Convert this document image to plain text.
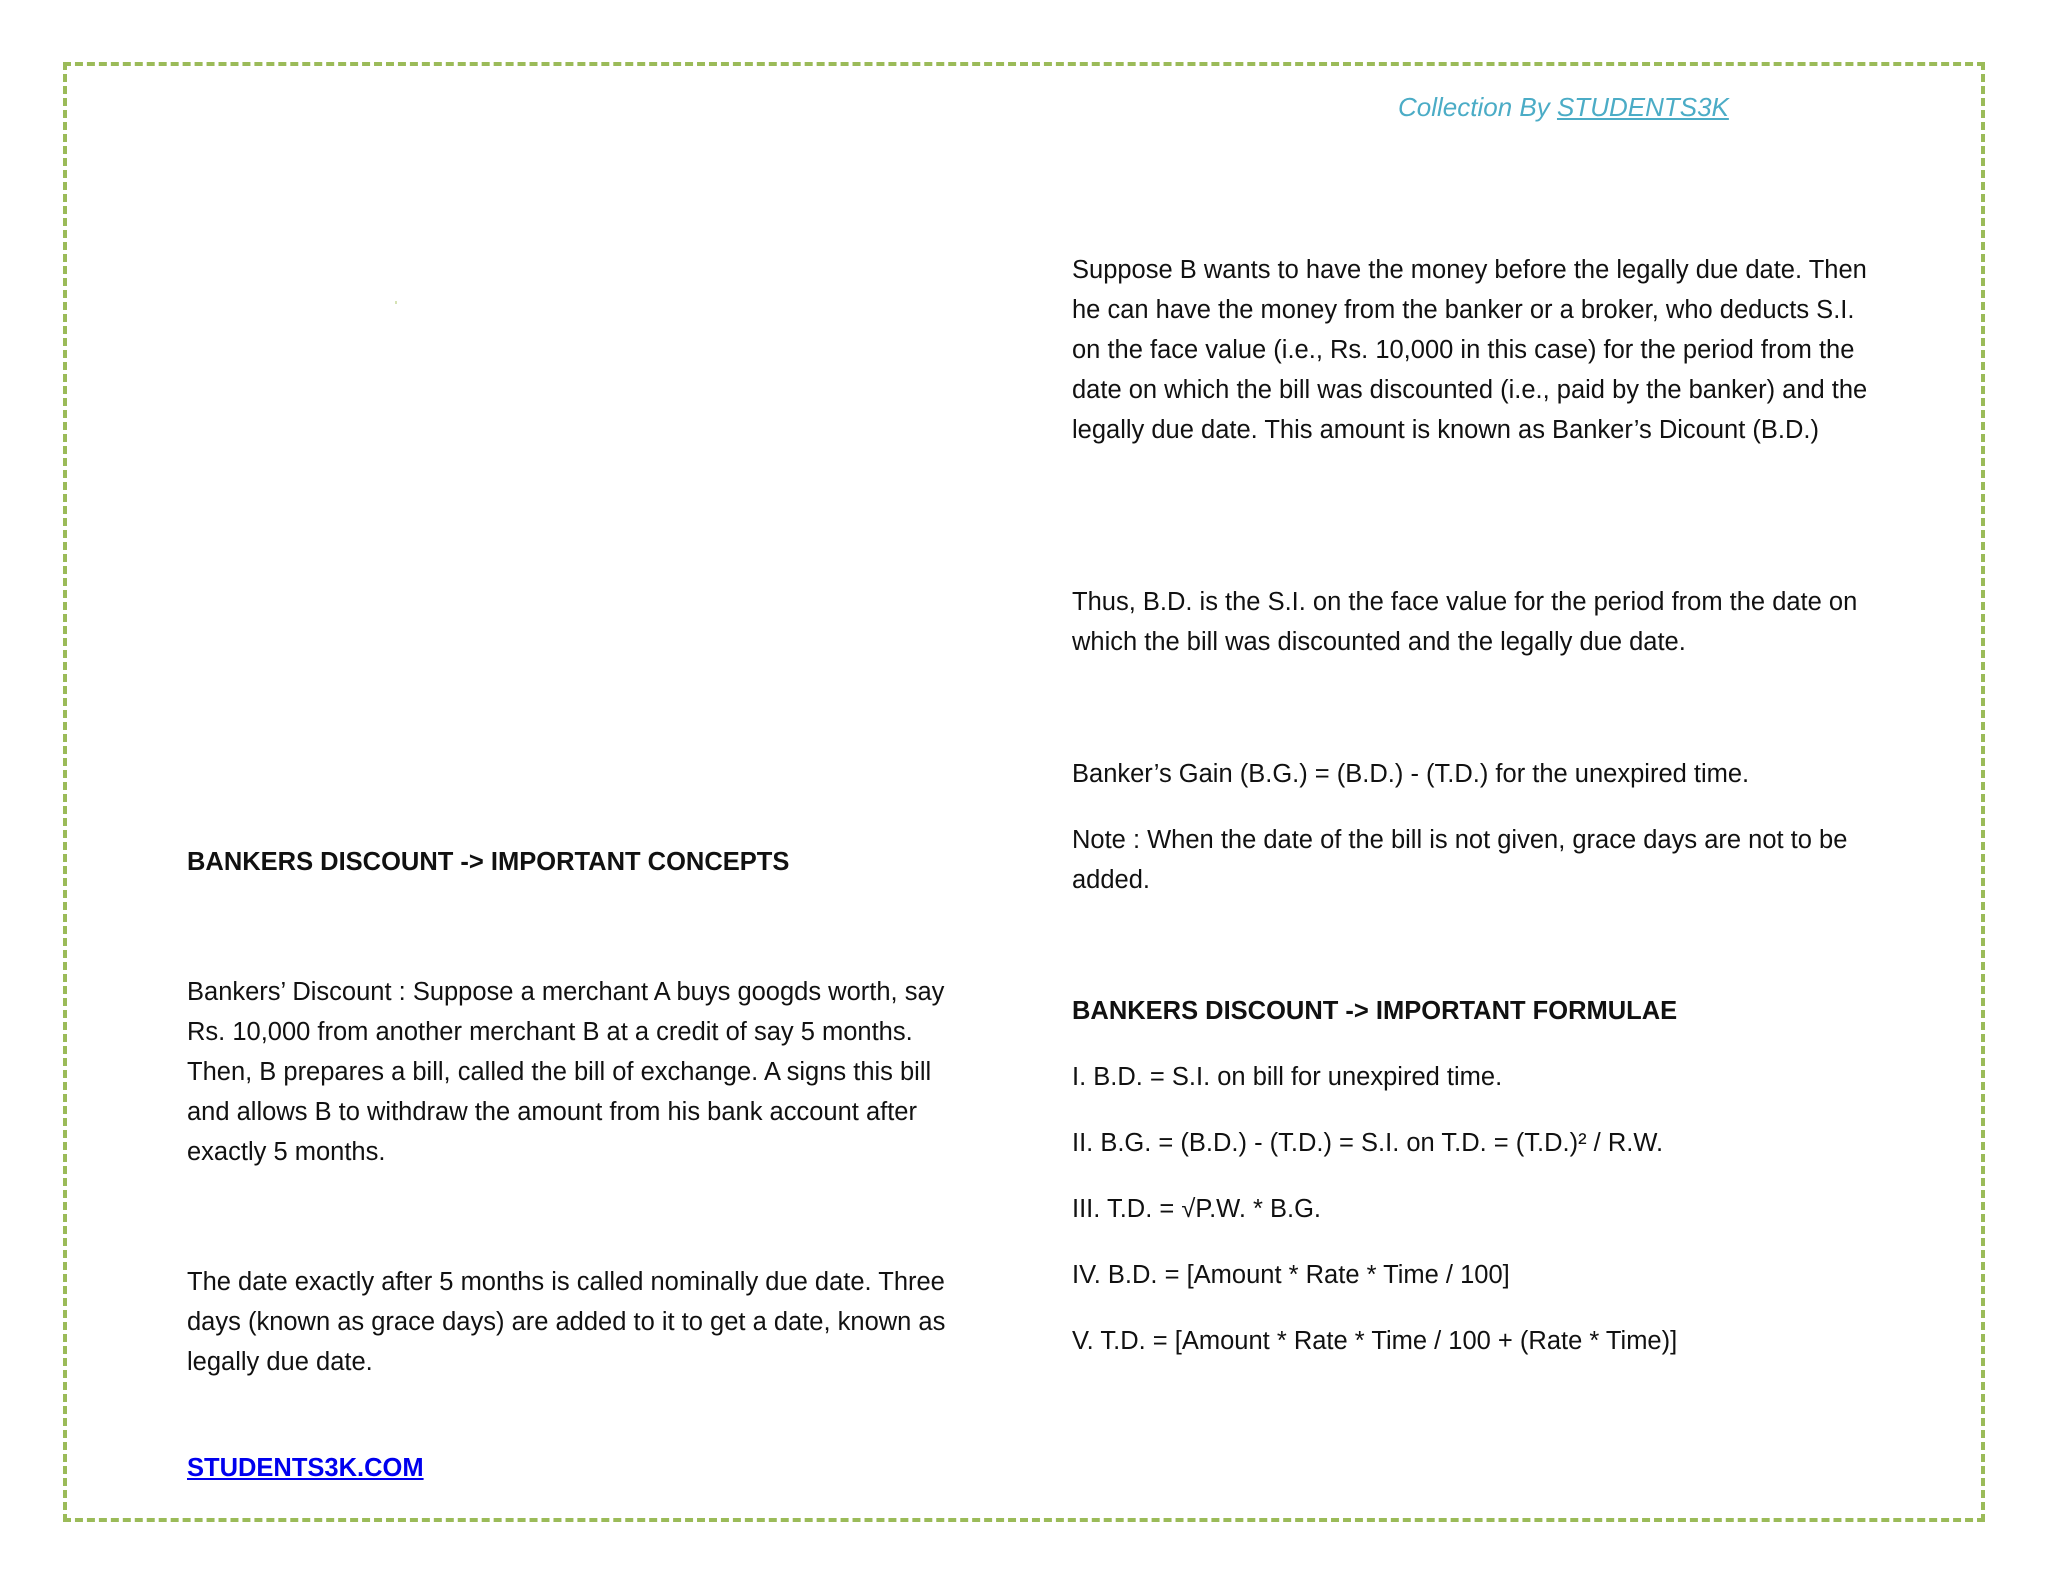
Collection By STUDENTS3K

BANKERS DISCOUNT -> IMPORTANT CONCEPTS

Bankers’ Discount : Suppose a merchant A buys googds worth, say Rs. 10,000 from another merchant B at a credit of say 5 months. Then, B prepares a bill, called the bill of exchange. A signs this bill and allows B to withdraw the amount from his bank account after exactly 5 months.

The date exactly after 5 months is called nominally due date. Three days (known as grace days) are added to it to get a date, known as legally due date.

Suppose B wants to have the money before the legally due date. Then he can have the money from the banker or a broker, who deducts S.I. on the face value (i.e., Rs. 10,000 in this case) for the period from the date on which the bill was discounted (i.e., paid by the banker) and the legally due date. This amount is known as Banker’s Dicount (B.D.)

Thus, B.D. is the S.I. on the face value for the period from the date on which the bill was discounted and the legally due date.

Banker’s Gain (B.G.) = (B.D.) - (T.D.) for the unexpired time.

Note : When the date of the bill is not given, grace days are not to be added.

BANKERS DISCOUNT -> IMPORTANT FORMULAE

I. B.D. = S.I. on bill for unexpired time.

II. B.G. = (B.D.) - (T.D.) = S.I. on T.D. = (T.D.)² / R.W.

III. T.D. = √P.W. * B.G.

IV. B.D. = [Amount * Rate * Time / 100]

V. T.D. = [Amount * Rate * Time / 100 + (Rate * Time)]

STUDENTS3K.COM
